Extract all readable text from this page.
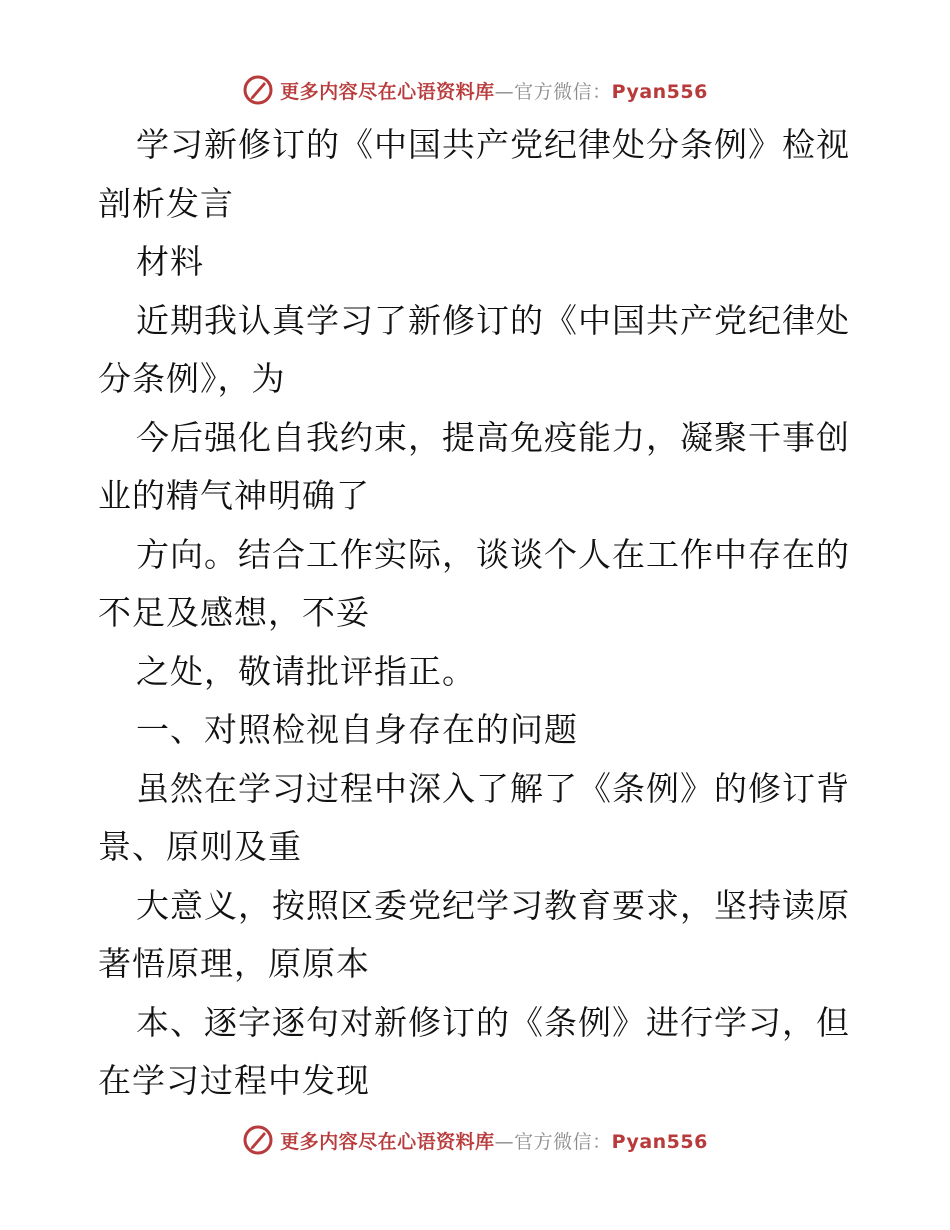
更多内容尽在心语资料库—官方微信：Pyan556
学习新修订的《中国共产党纪律处分条例》检视
剖析发言
材料
近期我认真学习了新修订的《中国共产党纪律处
分条例》，为
今后强化自我约束，提高免疫能力，凝聚干事创
业的精气神明确了
方向。结合工作实际，谈谈个人在工作中存在的
不足及感想，不妥
之处，敬请批评指正。
一、对照检视自身存在的问题
虽然在学习过程中深入了解了《条例》的修订背
景、原则及重
大意义，按照区委党纪学习教育要求，坚持读原
著悟原理，原原本
本、逐字逐句对新修订的《条例》进行学习，但
在学习过程中发现
更多内容尽在心语资料库—官方微信：Pyan556
